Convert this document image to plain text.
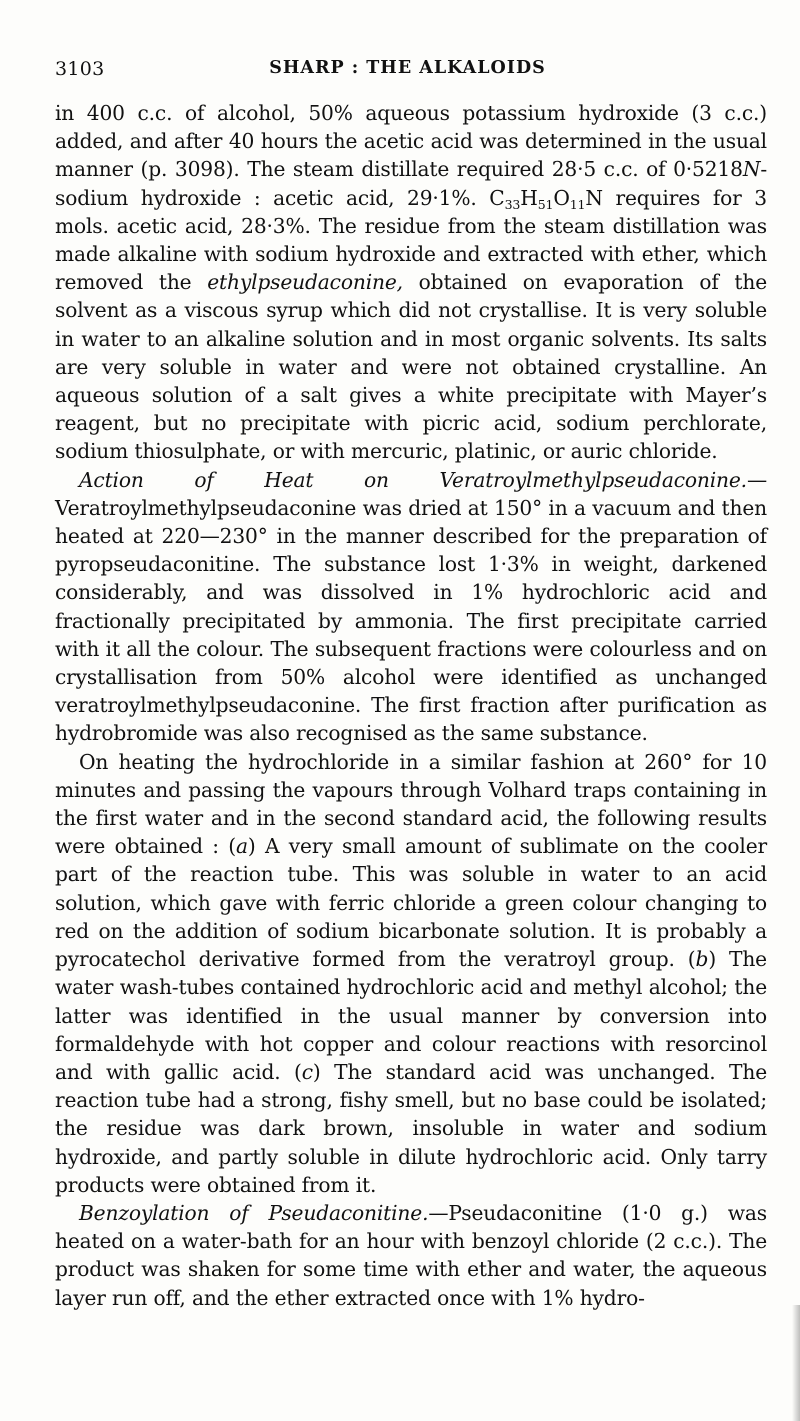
3103	SHARP : THE ALKALOIDS

in 400 c.c. of alcohol, 50% aqueous potassium hydroxide (3 c.c.) added, and after 40 hours the acetic acid was determined in the usual manner (p. 3098). The steam distillate required 28·5 c.c. of 0·5218N-sodium hydroxide : acetic acid, 29·1%. $C_{33}H_{51}O_{11}N$ requires for 3 mols. acetic acid, 28·3%. The residue from the steam distillation was made alkaline with sodium hydroxide and extracted with ether, which removed the ethylpseudaconine, obtained on evaporation of the solvent as a viscous syrup which did not crystallise. It is very soluble in water to an alkaline solution and in most organic solvents. Its salts are very soluble in water and were not obtained crystalline. An aqueous solution of a salt gives a white precipitate with Mayer’s reagent, but no precipitate with picric acid, sodium perchlorate, sodium thiosulphate, or with mercuric, platinic, or auric chloride.

Action of Heat on Veratroylmethylpseudaconine.—Veratroylmethylpseudaconine was dried at 150° in a vacuum and then heated at 220—230° in the manner described for the preparation of pyropseudaconitine. The substance lost 1·3% in weight, darkened considerably, and was dissolved in 1% hydrochloric acid and fractionally precipitated by ammonia. The first precipitate carried with it all the colour. The subsequent fractions were colourless and on crystallisation from 50% alcohol were identified as unchanged veratroylmethylpseudaconine. The first fraction after purification as hydrobromide was also recognised as the same substance.

On heating the hydrochloride in a similar fashion at 260° for 10 minutes and passing the vapours through Volhard traps containing in the first water and in the second standard acid, the following results were obtained : (a) A very small amount of sublimate on the cooler part of the reaction tube. This was soluble in water to an acid solution, which gave with ferric chloride a green colour changing to red on the addition of sodium bicarbonate solution. It is probably a pyrocatechol derivative formed from the veratroyl group. (b) The water wash-tubes contained hydrochloric acid and methyl alcohol; the latter was identified in the usual manner by conversion into formaldehyde with hot copper and colour reactions with resorcinol and with gallic acid. (c) The standard acid was unchanged. The reaction tube had a strong, fishy smell, but no base could be isolated; the residue was dark brown, insoluble in water and sodium hydroxide, and partly soluble in dilute hydrochloric acid. Only tarry products were obtained from it.

Benzoylation of Pseudaconitine.—Pseudaconitine (1·0 g.) was heated on a water-bath for an hour with benzoyl chloride (2 c.c.). The product was shaken for some time with ether and water, the aqueous layer run off, and the ether extracted once with 1% hydro-
